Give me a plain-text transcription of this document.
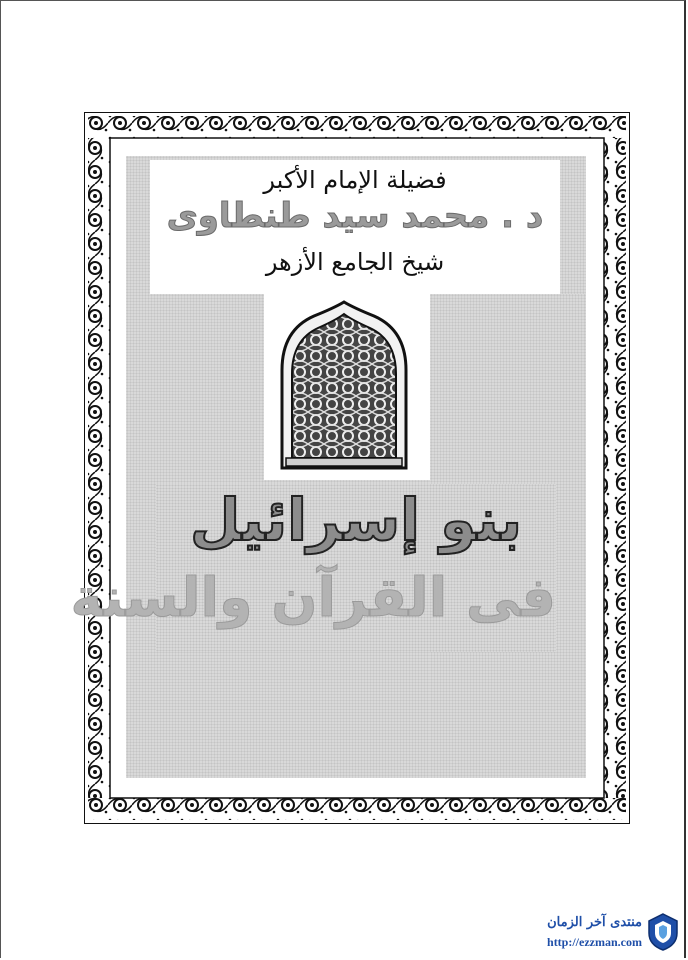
فضيلة الإمام الأكبر
د . محمد سيد طنطاوى
شيخ الجامع الأزهر
بنو إسرائيل
فى القرآن والسنة
منتدى آخر الزمان
http://ezzman.com
